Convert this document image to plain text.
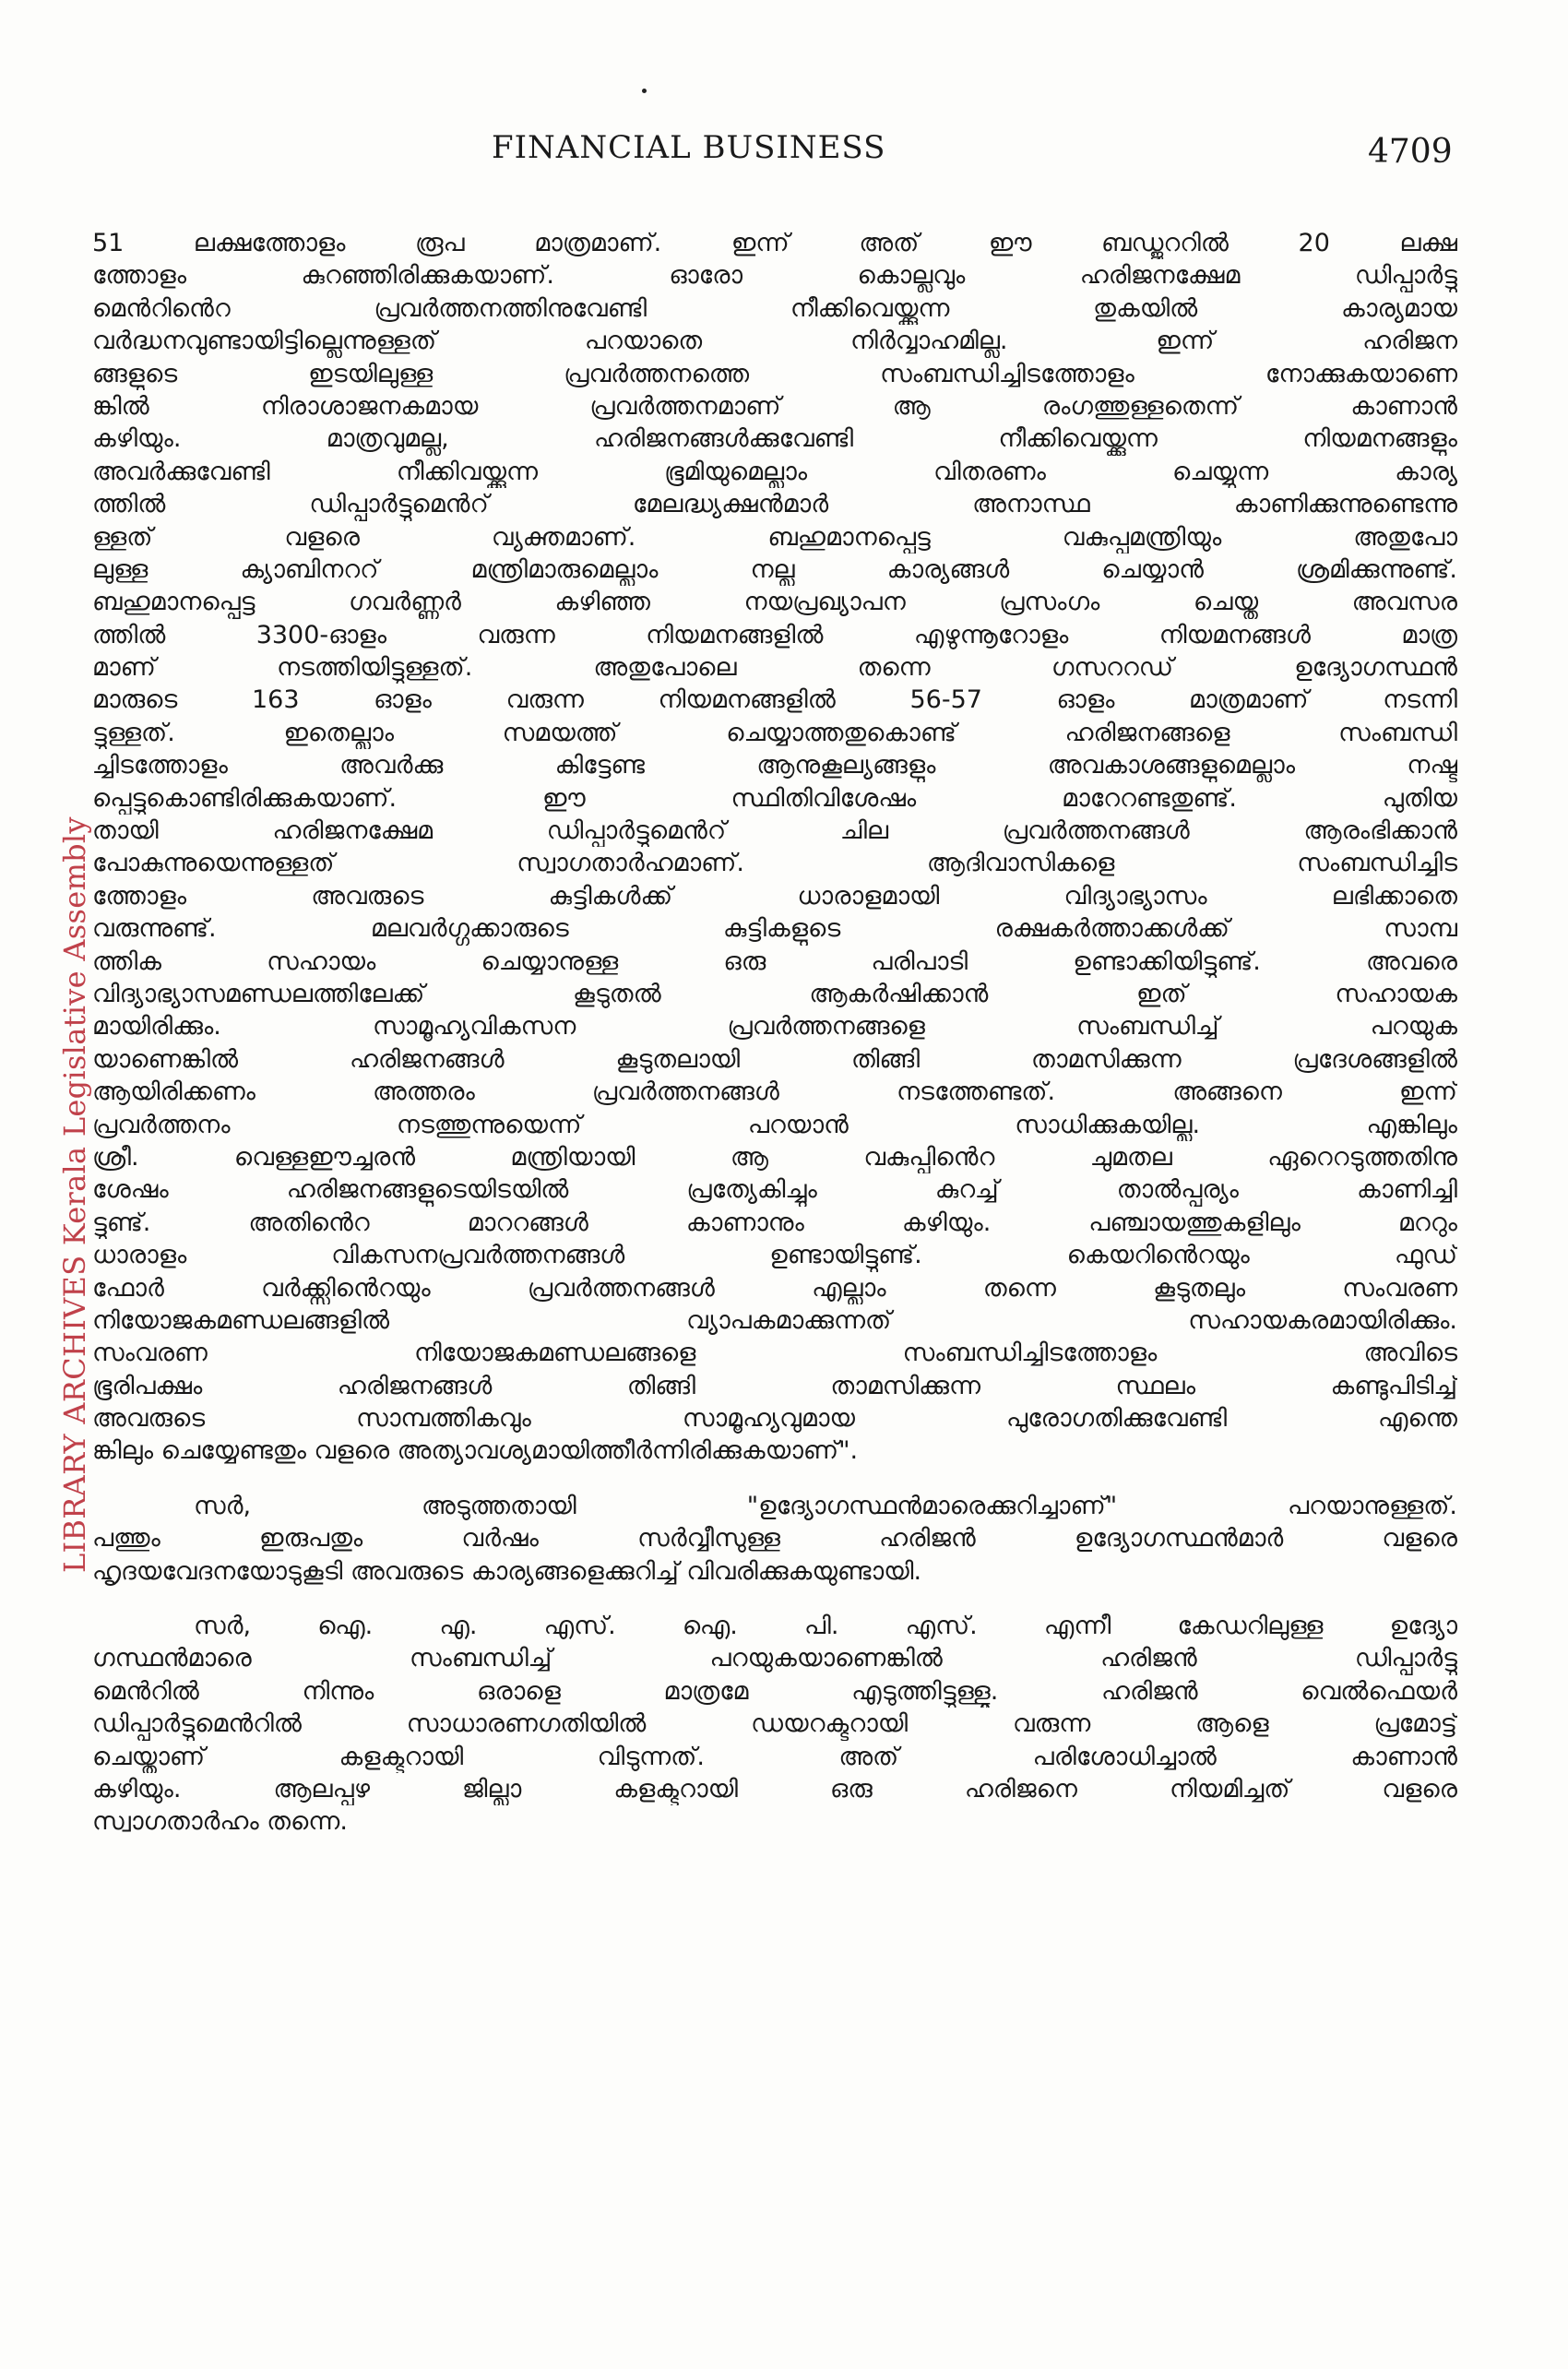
FINANCIAL BUSINESS	4709
LIBRARY ARCHIVES Kerala Legislative Assembly
51 ലക്ഷത്തോളം രൂപ മാത്രമാണ്. ഇന്ന് അത് ഈ ബഡ്ജററിൽ 20 ലക്ഷ
ത്തോളം കുറഞ്ഞിരിക്കുകയാണ്. ഓരോ കൊല്ലവും ഹരിജനക്ഷേമ ഡിപ്പാർട്ടു
മെൻറിൻെറ പ്രവർത്തനത്തിനുവേണ്ടി നീക്കിവെയ്ക്കുന്ന തുകയിൽ കാര്യമായ
വർദ്ധനവുണ്ടായിട്ടില്ലെന്നുള്ളത് പറയാതെ നിർവ്വാഹമില്ല. ഇന്ന് ഹരിജന
ങ്ങളുടെ ഇടയിലുള്ള പ്രവർത്തനത്തെ സംബന്ധിച്ചിടത്തോളം നോക്കുകയാണെ
ങ്കിൽ നിരാശാജനകമായ പ്രവർത്തനമാണ് ആ രംഗത്തുള്ളതെന്ന് കാണാൻ
കഴിയും. മാത്രവുമല്ല, ഹരിജനങ്ങൾക്കുവേണ്ടി നീക്കിവെയ്ക്കുന്ന നിയമനങ്ങളും
അവർക്കുവേണ്ടി നീക്കിവയ്ക്കുന്ന ഭൂമിയുമെല്ലാം വിതരണം ചെയ്യുന്ന കാര്യ
ത്തിൽ ഡിപ്പാർട്ടുമെൻറ് മേലദ്ധ്യക്ഷൻമാർ അനാസ്ഥ കാണിക്കുന്നുണ്ടെന്നു
ള്ളത് വളരെ വ്യക്തമാണ്. ബഹുമാനപ്പെട്ട വകുപ്പുമന്ത്രിയും അതുപോ
ലുള്ള ക്യാബിനററ് മന്ത്രിമാരുമെല്ലാം നല്ല കാര്യങ്ങൾ ചെയ്യാൻ ശ്രമിക്കുന്നുണ്ട്.
ബഹുമാനപ്പെട്ട ഗവർണ്ണർ കഴിഞ്ഞ നയപ്രഖ്യാപന പ്രസംഗം ചെയ്ത അവസര
ത്തിൽ 3300-ഓളം വരുന്ന നിയമനങ്ങളിൽ എഴുന്നൂറോളം നിയമനങ്ങൾ മാത്ര
മാണ് നടത്തിയിട്ടുള്ളത്. അതുപോലെ തന്നെ ഗസററഡ് ഉദ്യോഗസ്ഥൻ
മാരുടെ 163 ഓളം വരുന്ന നിയമനങ്ങളിൽ 56-57 ഓളം മാത്രമാണ് നടന്നി
ട്ടുള്ളത്. ഇതെല്ലാം സമയത്ത് ചെയ്യാത്തതുകൊണ്ട് ഹരിജനങ്ങളെ സംബന്ധി
ച്ചിടത്തോളം അവർക്കു കിട്ടേണ്ട ആനുകൂല്യങ്ങളും അവകാശങ്ങളുമെല്ലാം നഷ്ട
പ്പെട്ടുകൊണ്ടിരിക്കുകയാണ്. ഈ സ്ഥിതിവിശേഷം മാറേറണ്ടതുണ്ട്. പുതിയ
തായി ഹരിജനക്ഷേമ ഡിപ്പാർട്ടുമെൻറ് ചില പ്രവർത്തനങ്ങൾ ആരംഭിക്കാൻ
പോകുന്നുയെന്നുള്ളത് സ്വാഗതാർഹമാണ്. ആദിവാസികളെ സംബന്ധിച്ചിട
ത്തോളം അവരുടെ കുട്ടികൾക്ക് ധാരാളമായി വിദ്യാഭ്യാസം ലഭിക്കാതെ
വരുന്നുണ്ട്. മലവർഗ്ഗക്കാരുടെ കുട്ടികളുടെ രക്ഷകർത്താക്കൾക്ക് സാമ്പ
ത്തിക സഹായം ചെയ്യാനുള്ള ഒരു പരിപാടി ഉണ്ടാക്കിയിട്ടുണ്ട്. അവരെ
വിദ്യാഭ്യാസമണ്ഡലത്തിലേക്ക് കൂടുതൽ ആകർഷിക്കാൻ ഇത് സഹായക
മായിരിക്കും. സാമൂഹ്യവികസന പ്രവർത്തനങ്ങളെ സംബന്ധിച്ച് പറയുക
യാണെങ്കിൽ ഹരിജനങ്ങൾ കൂടുതലായി തിങ്ങി താമസിക്കുന്ന പ്രദേശങ്ങളിൽ
ആയിരിക്കണം അത്തരം പ്രവർത്തനങ്ങൾ നടത്തേണ്ടത്. അങ്ങനെ ഇന്ന്
പ്രവർത്തനം നടത്തുന്നുയെന്ന് പറയാൻ സാധിക്കുകയില്ല. എങ്കിലും
ശ്രീ. വെള്ളഈച്ചരൻ മന്ത്രിയായി ആ വകുപ്പിൻെറ ചുമതല ഏറെറടുത്തതിനു
ശേഷം ഹരിജനങ്ങളുടെയിടയിൽ പ്രത്യേകിച്ചും കുറച്ച് താൽപ്പര്യം കാണിച്ചി
ട്ടുണ്ട്. അതിൻെറ മാററങ്ങൾ കാണാനും കഴിയും. പഞ്ചായത്തുകളിലും മററും
ധാരാളം വികസനപ്രവർത്തനങ്ങൾ ഉണ്ടായിട്ടുണ്ട്. കെയറിൻെറയും ഫുഡ്
ഫോർ വർക്ക്സിൻെറയും പ്രവർത്തനങ്ങൾ എല്ലാം തന്നെ കൂടുതലും സംവരണ
നിയോജകമണ്ഡലങ്ങളിൽ വ്യാപകമാക്കുന്നത് സഹായകരമായിരിക്കും.
സംവരണ നിയോജകമണ്ഡലങ്ങളെ സംബന്ധിച്ചിടത്തോളം അവിടെ
ഭൂരിപക്ഷം ഹരിജനങ്ങൾ തിങ്ങി താമസിക്കുന്ന സ്ഥലം കണ്ടുപിടിച്ച്
അവരുടെ സാമ്പത്തികവും സാമൂഹ്യവുമായ പുരോഗതിക്കുവേണ്ടി എന്തെ
ങ്കിലും ചെയ്യേണ്ടതും വളരെ അത്യാവശ്യമായിത്തീർന്നിരിക്കുകയാണ്".
സർ, അടുത്തതായി "ഉദ്യോഗസ്ഥൻമാരെക്കുറിച്ചാണ്" പറയാനുള്ളത്.
പത്തും ഇരുപതും വർഷം സർവ്വീസുള്ള ഹരിജൻ ഉദ്യോഗസ്ഥൻമാർ വളരെ
ഹൃദയവേദനയോടുകൂടി അവരുടെ കാര്യങ്ങളെക്കുറിച്ച് വിവരിക്കുകയുണ്ടായി.
സർ, ഐ. എ. എസ്. ഐ. പി. എസ്. എന്നീ കേഡറിലുള്ള ഉദ്യോ
ഗസ്ഥൻമാരെ സംബന്ധിച്ച് പറയുകയാണെങ്കിൽ ഹരിജൻ ഡിപ്പാർട്ടു
മെൻറിൽ നിന്നും ഒരാളെ മാത്രമേ എടുത്തിട്ടുള്ളൂ. ഹരിജൻ വെൽഫെയർ
ഡിപ്പാർട്ടുമെൻറിൽ സാധാരണഗതിയിൽ ഡയറക്ടറായി വരുന്ന ആളെ പ്രമോട്ട്
ചെയ്താണ് കളക്ടറായി വിടുന്നത്. അത് പരിശോധിച്ചാൽ കാണാൻ
കഴിയും. ആലപ്പുഴ ജില്ലാ കളക്ടറായി ഒരു ഹരിജനെ നിയമിച്ചത് വളരെ
സ്വാഗതാർഹം തന്നെ.
